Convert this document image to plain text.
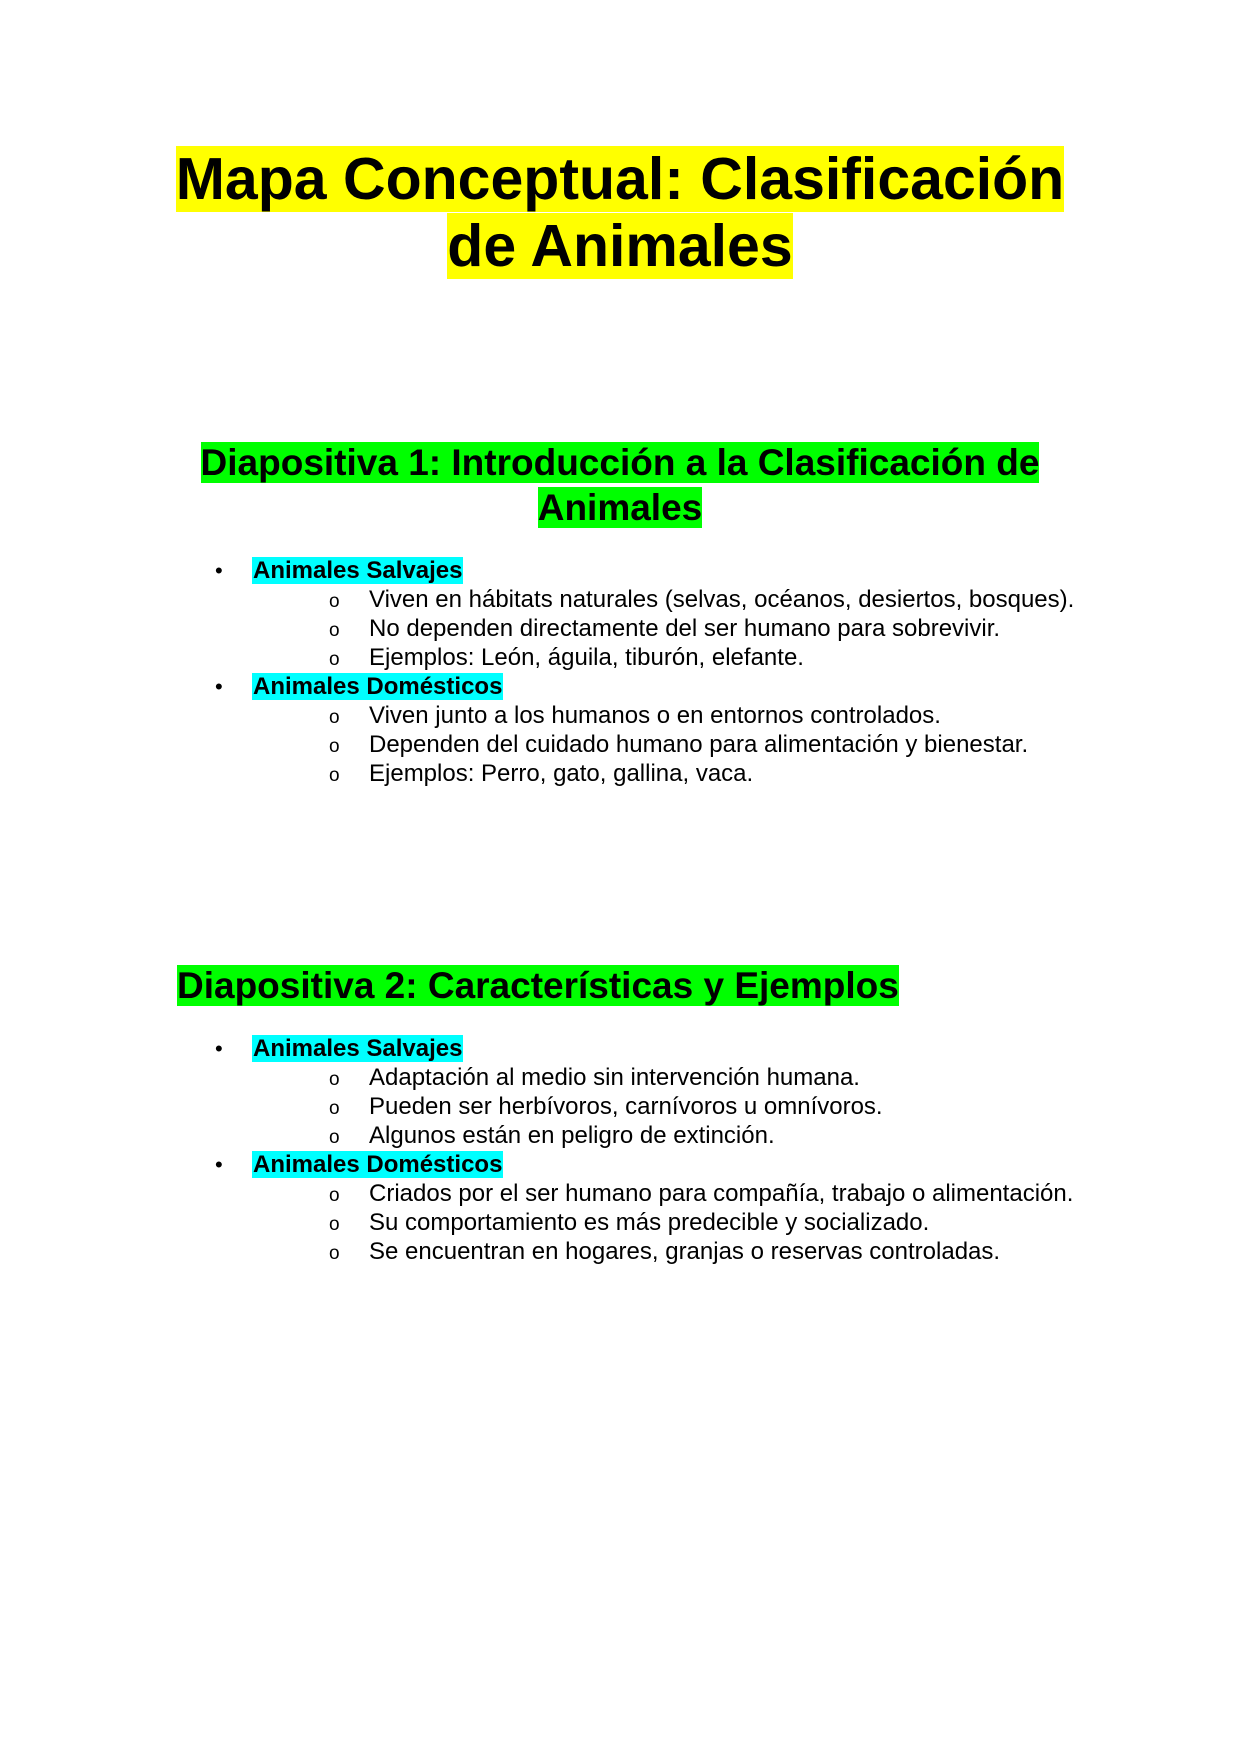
Mapa Conceptual: Clasificación
de Animales
Diapositiva 1: Introducción a la Clasificación de
Animales
• Animales Salvajes
o Viven en hábitats naturales (selvas, océanos, desiertos, bosques).
o No dependen directamente del ser humano para sobrevivir.
o Ejemplos: León, águila, tiburón, elefante.
• Animales Domésticos
o Viven junto a los humanos o en entornos controlados.
o Dependen del cuidado humano para alimentación y bienestar.
o Ejemplos: Perro, gato, gallina, vaca.
Diapositiva 2: Características y Ejemplos
• Animales Salvajes
o Adaptación al medio sin intervención humana.
o Pueden ser herbívoros, carnívoros u omnívoros.
o Algunos están en peligro de extinción.
• Animales Domésticos
o Criados por el ser humano para compañía, trabajo o alimentación.
o Su comportamiento es más predecible y socializado.
o Se encuentran en hogares, granjas o reservas controladas.
